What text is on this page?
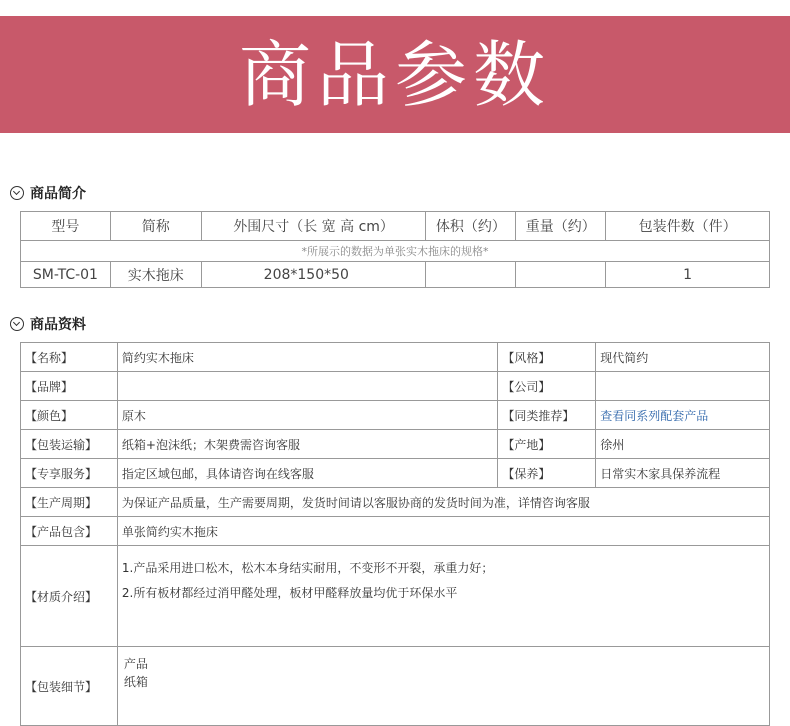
商品参数
商品简介
型号	简称	外围尺寸（长 宽 高 cm）	体积（约）	重量（约）	包装件数（件）
*所展示的数据为单张实木拖床的规格*					
SM-TC-01	实木拖床	208*150*50			1
商品资料
【名称】	简约实木拖床	【风格】	现代简约
【品牌】		【公司】	
【颜色】	原木	【同类推荐】	查看同系列配套产品
【包装运输】	纸箱+泡沫纸；木架费需咨询客服	【产地】	徐州
【专享服务】	指定区域包邮，具体请咨询在线客服	【保养】	日常实木家具保养流程
【生产周期】	为保证产品质量，生产需要周期，发货时间请以客服协商的发货时间为准，详情咨询客服		
【产品包含】	单张简约实木拖床		
【材质介绍】	1.产品采用进口松木，松木本身结实耐用，不变形不开裂，承重力好；
2.所有板材都经过消甲醛处理，板材甲醛释放量均优于环保水平		

【包装细节】	产品
纸箱		
